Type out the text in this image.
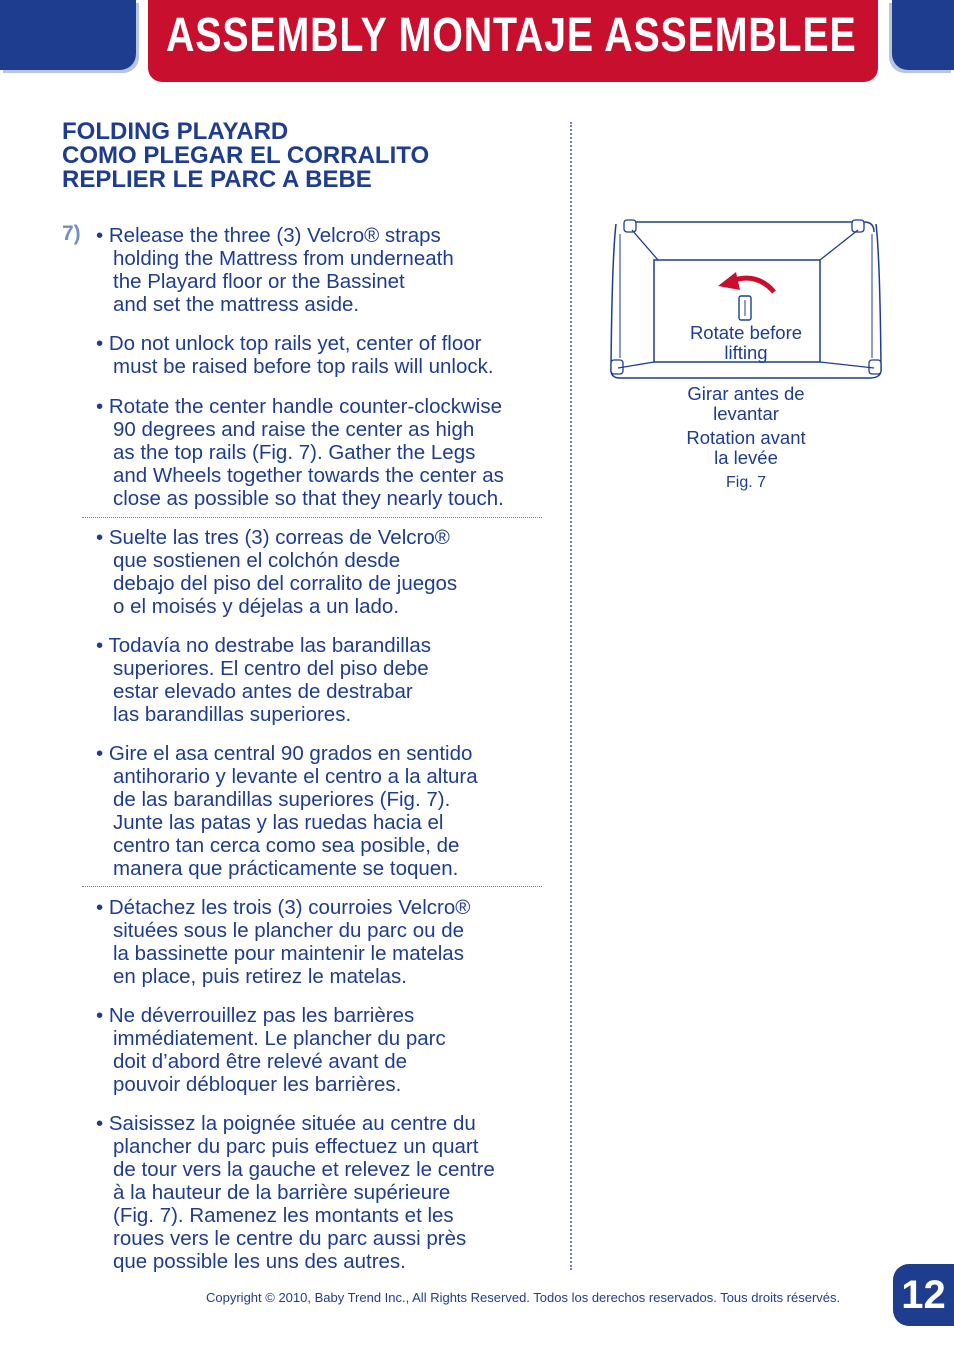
ASSEMBLY MONTAJE ASSEMBLEE
FOLDING PLAYARD
COMO PLEGAR EL CORRALITO
REPLIER LE PARC A BEBE
7) • Release the three (3) Velcro® straps
holding the Mattress from underneath
the Playard floor or the Bassinet
and set the mattress aside.
• Do not unlock top rails yet, center of floor
must be raised before top rails will unlock.
• Rotate the center handle counter-clockwise
90 degrees and raise the center as high
as the top rails (Fig. 7). Gather the Legs
and Wheels together towards the center as
close as possible so that they nearly touch.
• Suelte las tres (3) correas de Velcro®
que sostienen el colchón desde
debajo del piso del corralito de juegos
o el moisés y déjelas a un lado.
• Todavía no destrabe las barandillas
superiores. El centro del piso debe
estar elevado antes de destrabar
las barandillas superiores.
• Gire el asa central 90 grados en sentido
antihorario y levante el centro a la altura
de las barandillas superiores (Fig. 7).
Junte las patas y las ruedas hacia el
centro tan cerca como sea posible, de
manera que prácticamente se toquen.
• Détachez les trois (3) courroies Velcro®
situées sous le plancher du parc ou de
la bassinette pour maintenir le matelas
en place, puis retirez le matelas.
• Ne déverrouillez pas les barrières
immédiatement. Le plancher du parc
doit d’abord être relevé avant de
pouvoir débloquer les barrières.
• Saisissez la poignée située au centre du
plancher du parc puis effectuez un quart
de tour vers la gauche et relevez le centre
à la hauteur de la barrière supérieure
(Fig. 7). Ramenez les montants et les
roues vers le centre du parc aussi près
que possible les uns des autres.
Rotate before
lifting
Girar antes de
levantar
Rotation avant
la levée
Fig. 7
Copyright © 2010, Baby Trend Inc., All Rights Reserved. Todos los derechos reservados. Tous droits réservés. 12
